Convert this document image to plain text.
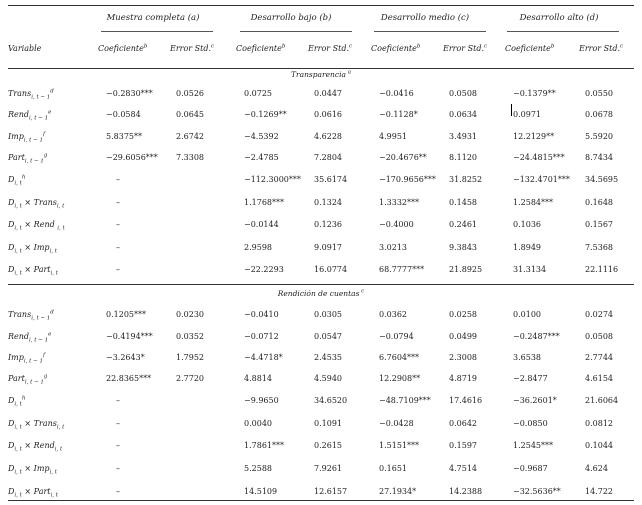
Muestra completa (a)	Desarrollo bajo (b)	Desarrollo medio (c)	Desarrollo alto (d)
Variable	Coeficiente$^b$	Error Std.$^c$	Coeficiente$^b$	Error Std.$^c$ Coeficiente$^b$	Error Std.$^c$ Coeficiente$^b$	Error Std.$^c$
Transparencia $^a$
Trans$_{i, t - 1}^d$	−0.2830***	0.0526	0.0725	0.0447	−0.0416	0.0508	−0.1379**	0.0550
Rend$_{i, t - 1}^e$	−0.0584	0.0645	−0.1269**	0.0616	−0.1128*	0.0634	0.0971	0.0678
Imp$_{i, t - 1}^f$	5.8375**	2.6742	−4.5392	4.6228	4.9951	3.4931	12.2129**	5.5920
Part$_{i, t - 1}^g$	−29.6056*** 7.3308	−2.4785	7.2804	−20.4676**	8.1120	−24.4815***	8.7434
$D_{i, t}^h$	–	−112.3000*** 35.6174	−170.9656*** 31.8252	−132.4701*** 34.5695
$D_{i, t}$ × Trans$_{i, t}$	–	1.1768***	0.1324	1.3332***	0.1458	1.2584***	0.1648
$D_{i, t}$ × Rend $_{i, t}$	–	−0.0144	0.1236	−0.4000	0.2461	0.1036	0.1567
$D_{i, t} \times Imp_{i, t}$	–	2.9598	9.0917	3.0213	9.3843	1.8949	7.5368
$D_{i, t}$ × Part$_{i, t}$	–	−22.2293	16.0774	68.7777***	21.8925	31.3134	22.1116
Rendición de cuentas $^c$
Trans$_{i, t - 1}^d$	0.1205***	0.0230	−0.0410	0.0305	0.0362	0.0258	0.0100	0.0274
Rend$_{i, t - 1}^e$	−0.4194***	0.0352	−0.0712	0.0547	−0.0794	0.0499	−0.2487***	0.0508
Imp$_{i, t - 1}^f$	−3.2643*	1.7952	−4.4718*	2.4535	6.7604***	2.3008	3.6538	2.7744
Part$_{i, t - 1}^g$	22.8365***	2.7720	4.8814	4.5940	12.2908**	4.8719	−2.8477	4.6154
$D_{i, t}^h$	–	−9.9650	34.6520	−48.7109*** 17.4616	−36.2601*	21.6064
$D_{i, t}$ × Trans$_{i, t}$	–	0.0040	0.1091	−0.0428	0.0642	−0.0850	0.0812
$D_{i, t}$ × Rend$_{i, t}$	–	1.7861***	0.2615	1.5151***	0.1597	1.2545***	0.1044
$D_{i, t} \times Imp_{i, t}$	–	5.2588	7.9261	0.1651	4.7514	−0.9687	4.624
$D_{i, t}$ × Part$_{i, t}$	–	14.5109	12.6157	27.1934*	14.2388	−32.5636**	14.722
